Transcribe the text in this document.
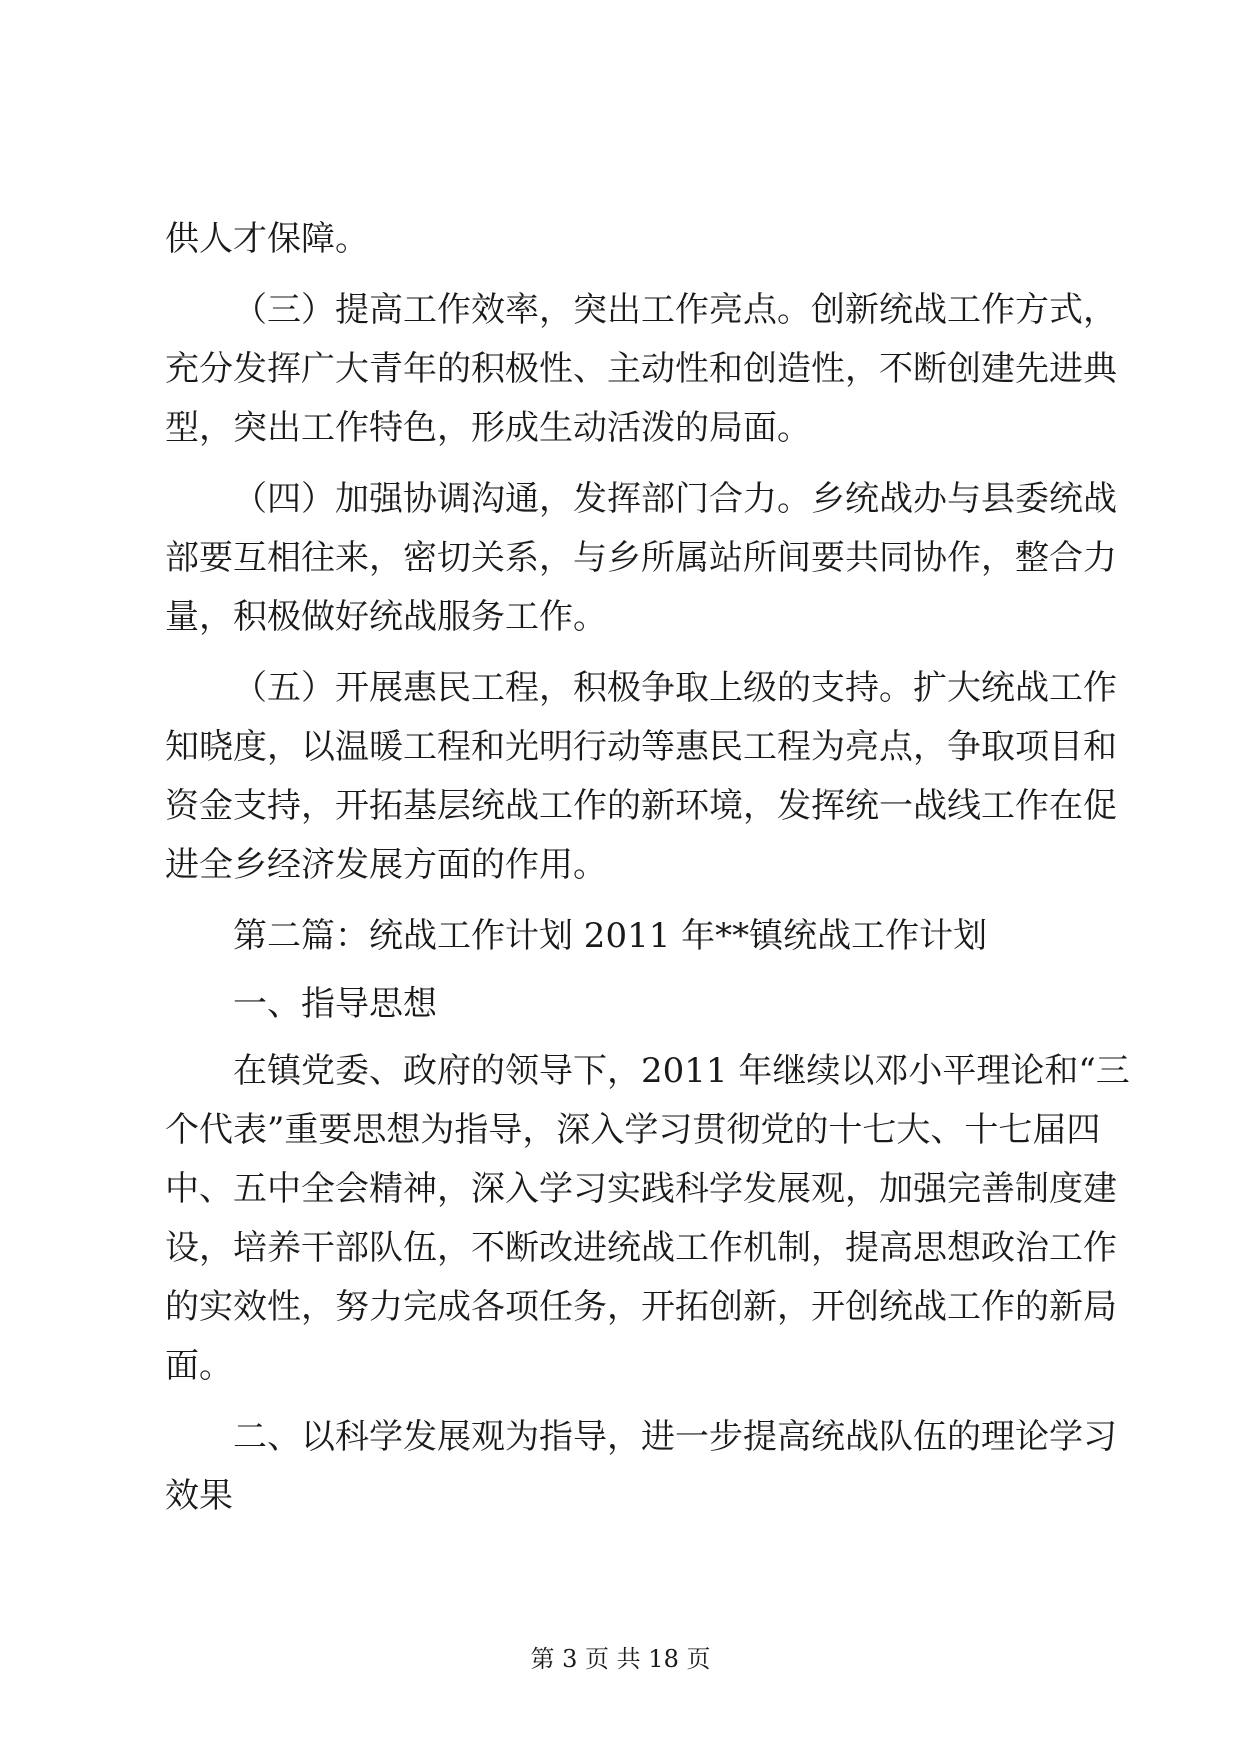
供人才保障。
（三）提高工作效率，突出工作亮点。创新统战工作方式，
充分发挥广大青年的积极性、主动性和创造性，不断创建先进典
型，突出工作特色，形成生动活泼的局面。
（四）加强协调沟通，发挥部门合力。乡统战办与县委统战
部要互相往来，密切关系，与乡所属站所间要共同协作，整合力
量，积极做好统战服务工作。
（五）开展惠民工程，积极争取上级的支持。扩大统战工作
知晓度，以温暖工程和光明行动等惠民工程为亮点，争取项目和
资金支持，开拓基层统战工作的新环境，发挥统一战线工作在促
进全乡经济发展方面的作用。
第二篇：统战工作计划 2011 年**镇统战工作计划
一、指导思想
在镇党委、政府的领导下，2011 年继续以邓小平理论和“三
个代表”重要思想为指导，深入学习贯彻党的十七大、十七届四
中、五中全会精神，深入学习实践科学发展观，加强完善制度建
设，培养干部队伍，不断改进统战工作机制，提高思想政治工作
的实效性，努力完成各项任务，开拓创新，开创统战工作的新局
面。
二、以科学发展观为指导，进一步提高统战队伍的理论学习
效果
第 3 页 共 18 页
